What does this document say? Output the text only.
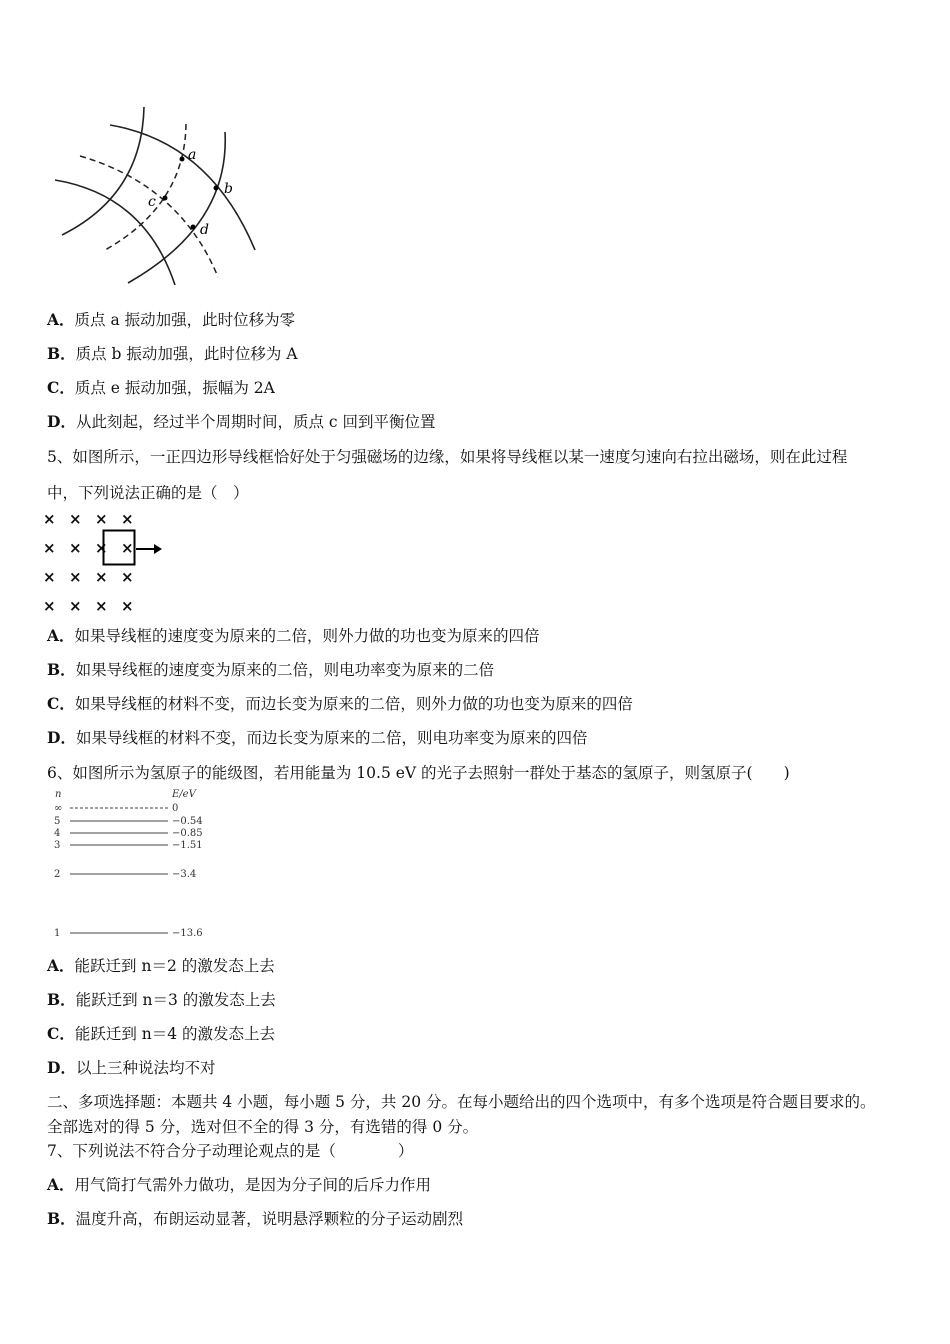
a
b
c
d
A．质点 a 振动加强，此时位移为零
B．质点 b 振动加强，此时位移为 A
C．质点 e 振动加强，振幅为 2A
D．从此刻起，经过半个周期时间，质点 c 回到平衡位置
5、如图所示，一正四边形导线框恰好处于匀强磁场的边缘，如果将导线框以某一速度匀速向右拉出磁场，则在此过程
中，下列说法正确的是（　）
× × × ×
× × × ×
× × × ×
× × × ×
A．如果导线框的速度变为原来的二倍，则外力做的功也变为原来的四倍
B．如果导线框的速度变为原来的二倍，则电功率变为原来的二倍
C．如果导线框的材料不变，而边长变为原来的二倍，则外力做的功也变为原来的四倍
D．如果导线框的材料不变，而边长变为原来的二倍，则电功率变为原来的四倍
6、如图所示为氢原子的能级图，若用能量为 10.5 eV 的光子去照射一群处于基态的氢原子，则氢原子(　　)
n	E/eV
∞
5
4
3
2
1
0
−0.54
−0.85
−1.51
−3.4
−13.6
A．能跃迁到 n＝2 的激发态上去
B．能跃迁到 n＝3 的激发态上去
C．能跃迁到 n＝4 的激发态上去
D．以上三种说法均不对
二、多项选择题：本题共 4 小题，每小题 5 分，共 20 分。在每小题给出的四个选项中，有多个选项是符合题目要求的。
全部选对的得 5 分，选对但不全的得 3 分，有选错的得 0 分。
7、下列说法不符合分子动理论观点的是（　　　　）
A．用气筒打气需外力做功，是因为分子间的后斥力作用
B．温度升高，布朗运动显著，说明悬浮颗粒的分子运动剧烈
